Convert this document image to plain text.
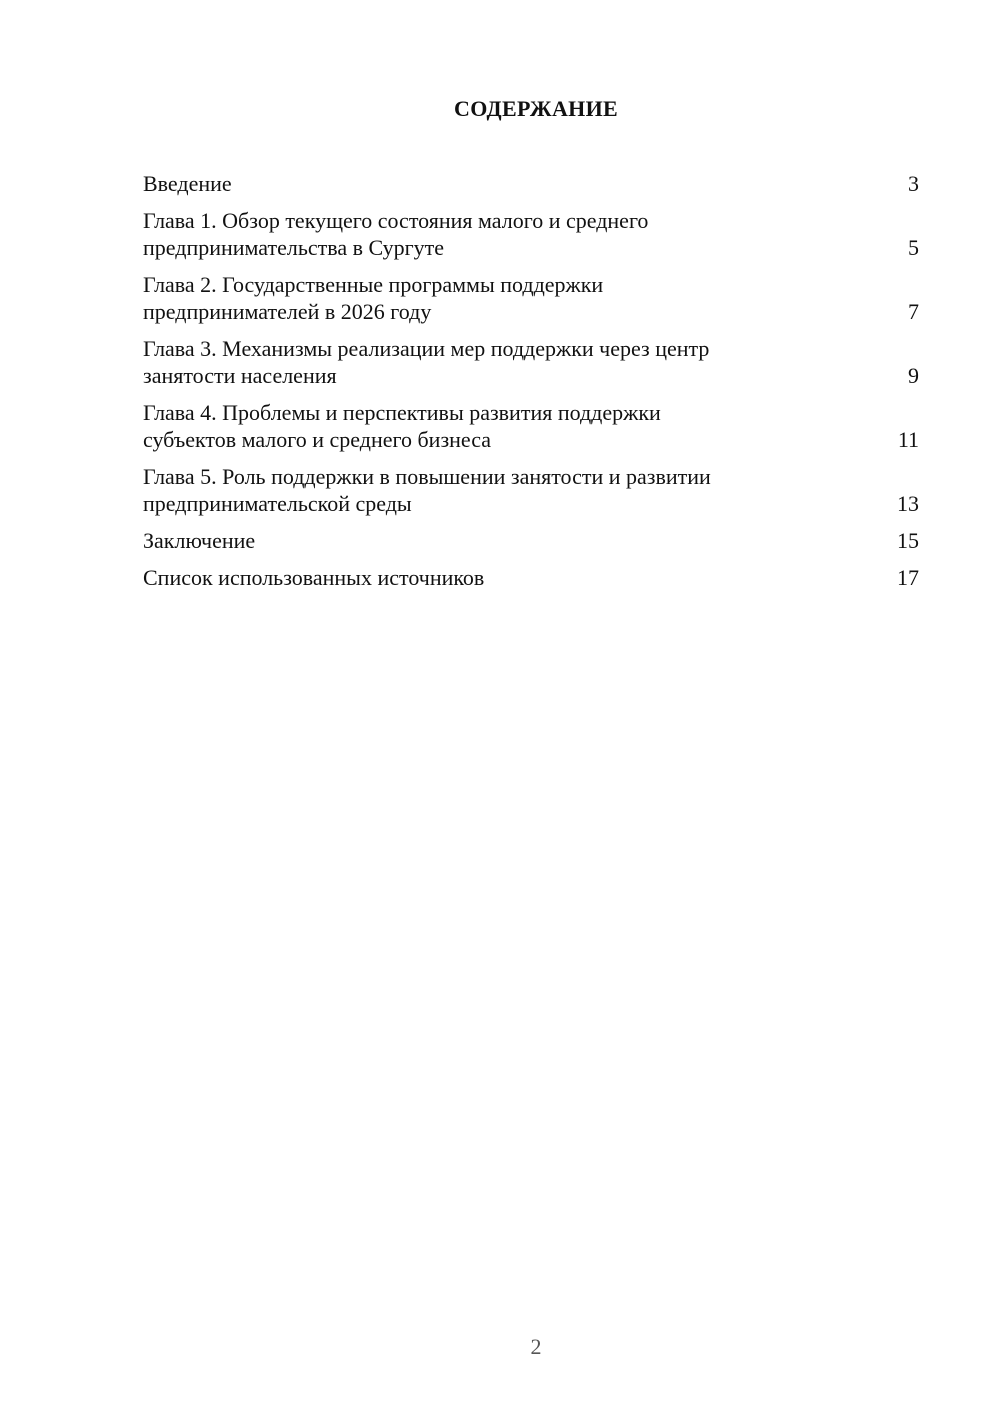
СОДЕРЖАНИЕ
Введение	3
Глава 1. Обзор текущего состояния малого и среднего
предпринимательства в Сургуте	5
Глава 2. Государственные программы поддержки
предпринимателей в 2026 году	7
Глава 3. Механизмы реализации мер поддержки через центр
занятости населения	9
Глава 4. Проблемы и перспективы развития поддержки
субъектов малого и среднего бизнеса	11
Глава 5. Роль поддержки в повышении занятости и развитии
предпринимательской среды	13
Заключение	15
Список использованных источников	17
2
